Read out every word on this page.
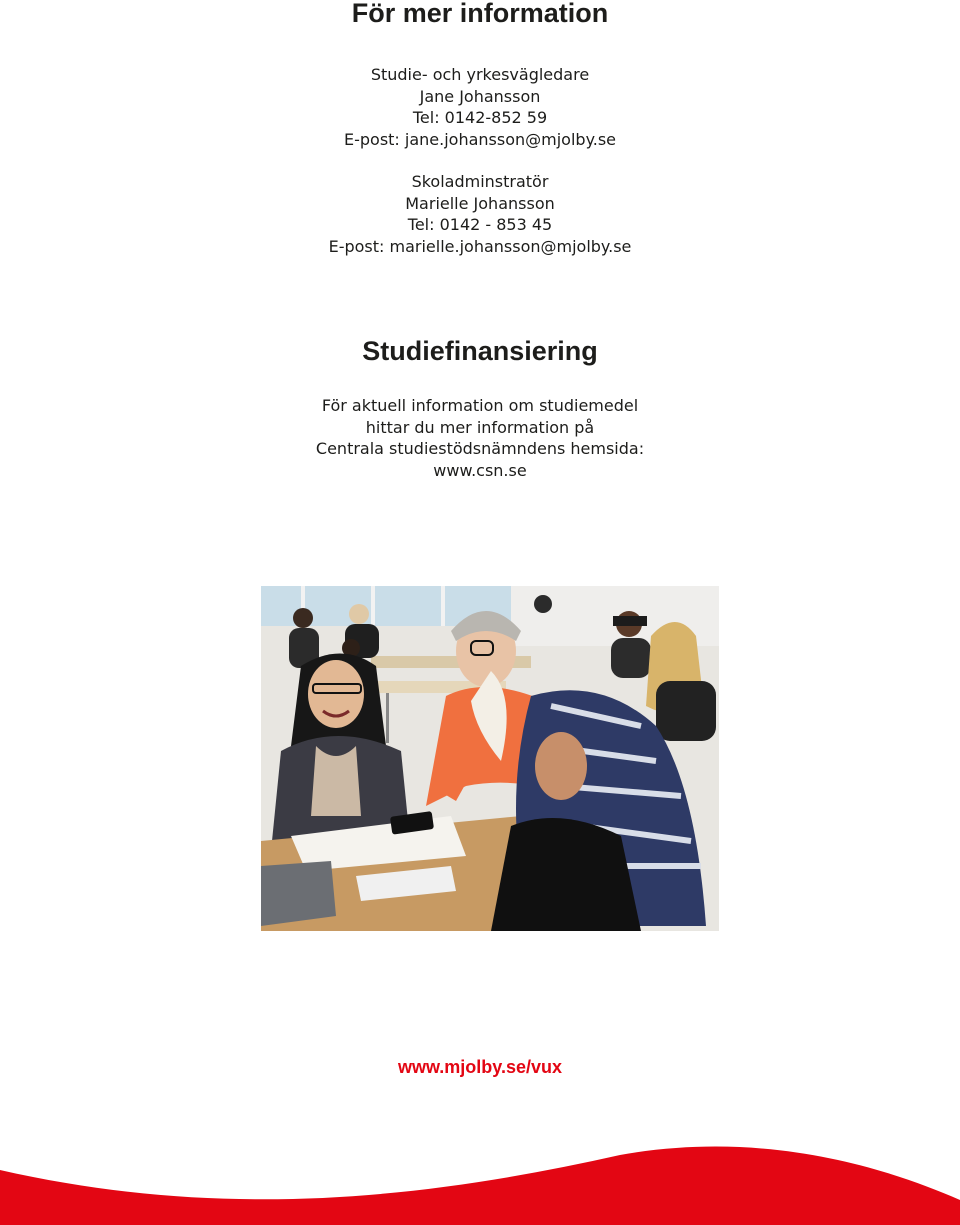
För mer information
Studie- och yrkesvägledare
Jane Johansson
Tel: 0142-852 59
E-post: jane.johansson@mjolby.se
Skoladminstratör
Marielle Johansson
Tel: 0142 - 853 45
E-post: marielle.johansson@mjolby.se
Studiefinansiering
För aktuell information om studiemedel
hittar du mer information på
Centrala studiestödsnämndens hemsida:
www.csn.se
www.mjolby.se/vux
